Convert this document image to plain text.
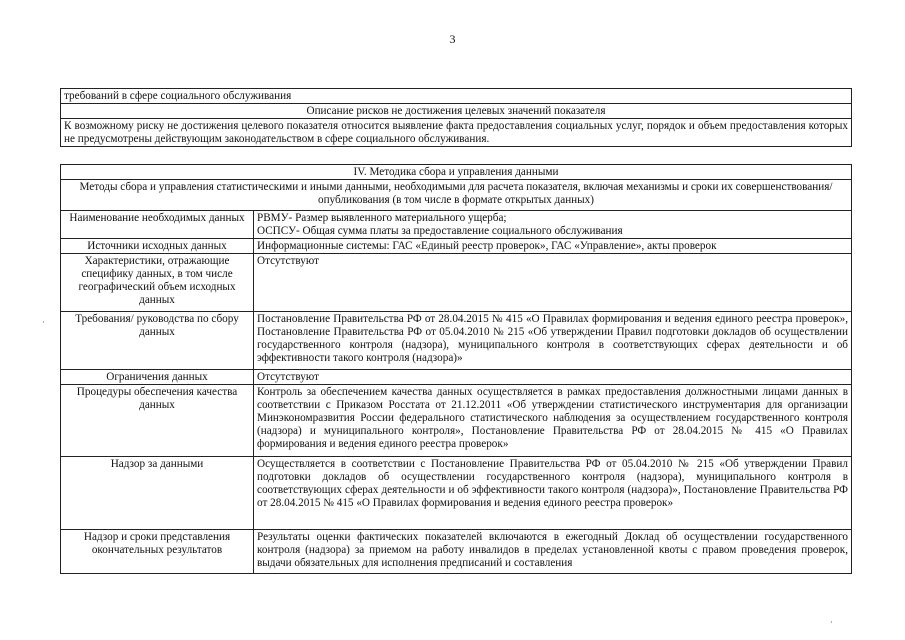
3
·
·
требований в сфере социального обслуживания
Описание рисков не достижения целевых значений показателя
К возможному риску не достижения целевого показателя относится выявление факта предоставления социальных услуг, порядок и объем предоставления которых не предусмотрены действующим законодательством в сфере социального обслуживания.
IV. Методика сбора и управления данными	
Методы сбора и управления статистическими и иными данными, необходимыми для расчета показателя, включая механизмы и сроки их совершенствования/опубликования (в том числе в формате открытых данных)	
Наименование необходимых данных	РВМУ- Размер выявленного материального ущерба;
ОСПСУ- Общая сумма платы за предоставление социального обслуживания

Источники исходных данных	Информационные системы: ГАС «Единый реестр проверок», ГАС «Управление», акты проверок
Характеристики, отражающие специфику данных, в том числе географический объем исходных данных	Отсутствуют
Требования/ руководства по сбору данных	Постановление Правительства РФ от 28.04.2015 № 415 «О Правилах формирования и ведения единого реестра проверок», Постановление Правительства РФ от 05.04.2010 № 215 «Об утверждении Правил подготовки докладов об осуществлении государственного контроля (надзора), муниципального контроля в соответствующих сферах деятельности и об эффективности такого контроля (надзора)»
Ограничения данных	Отсутствуют
Процедуры обеспечения качества данных	Контроль за обеспечением качества данных осуществляется в рамках предоставления должностными лицами данных в соответствии с Приказом Росстата от 21.12.2011 «Об утверждении статистического инструментария для организации Минэкономразвития России федерального статистического наблюдения за осуществлением государственного контроля (надзора) и муниципального контроля», Постановление Правительства РФ от 28.04.2015 № 415 «О Правилах формирования и ведения единого реестра проверок»
Надзор за данными	Осуществляется в соответствии с Постановление Правительства РФ от 05.04.2010 № 215 «Об утверждении Правил подготовки докладов об осуществлении государственного контроля (надзора), муниципального контроля в соответствующих сферах деятельности и об эффективности такого контроля (надзора)», Постановление Правительства РФ от 28.04.2015 № 415 «О Правилах формирования и ведения единого реестра проверок»
Надзор и сроки представления окончательных результатов	Результаты оценки фактических показателей включаются в ежегодный Доклад об осуществлении государственного контроля (надзора) за приемом на работу инвалидов в пределах установленной квоты с правом проведения проверок, выдачи обязательных для исполнения предписаний и составления
